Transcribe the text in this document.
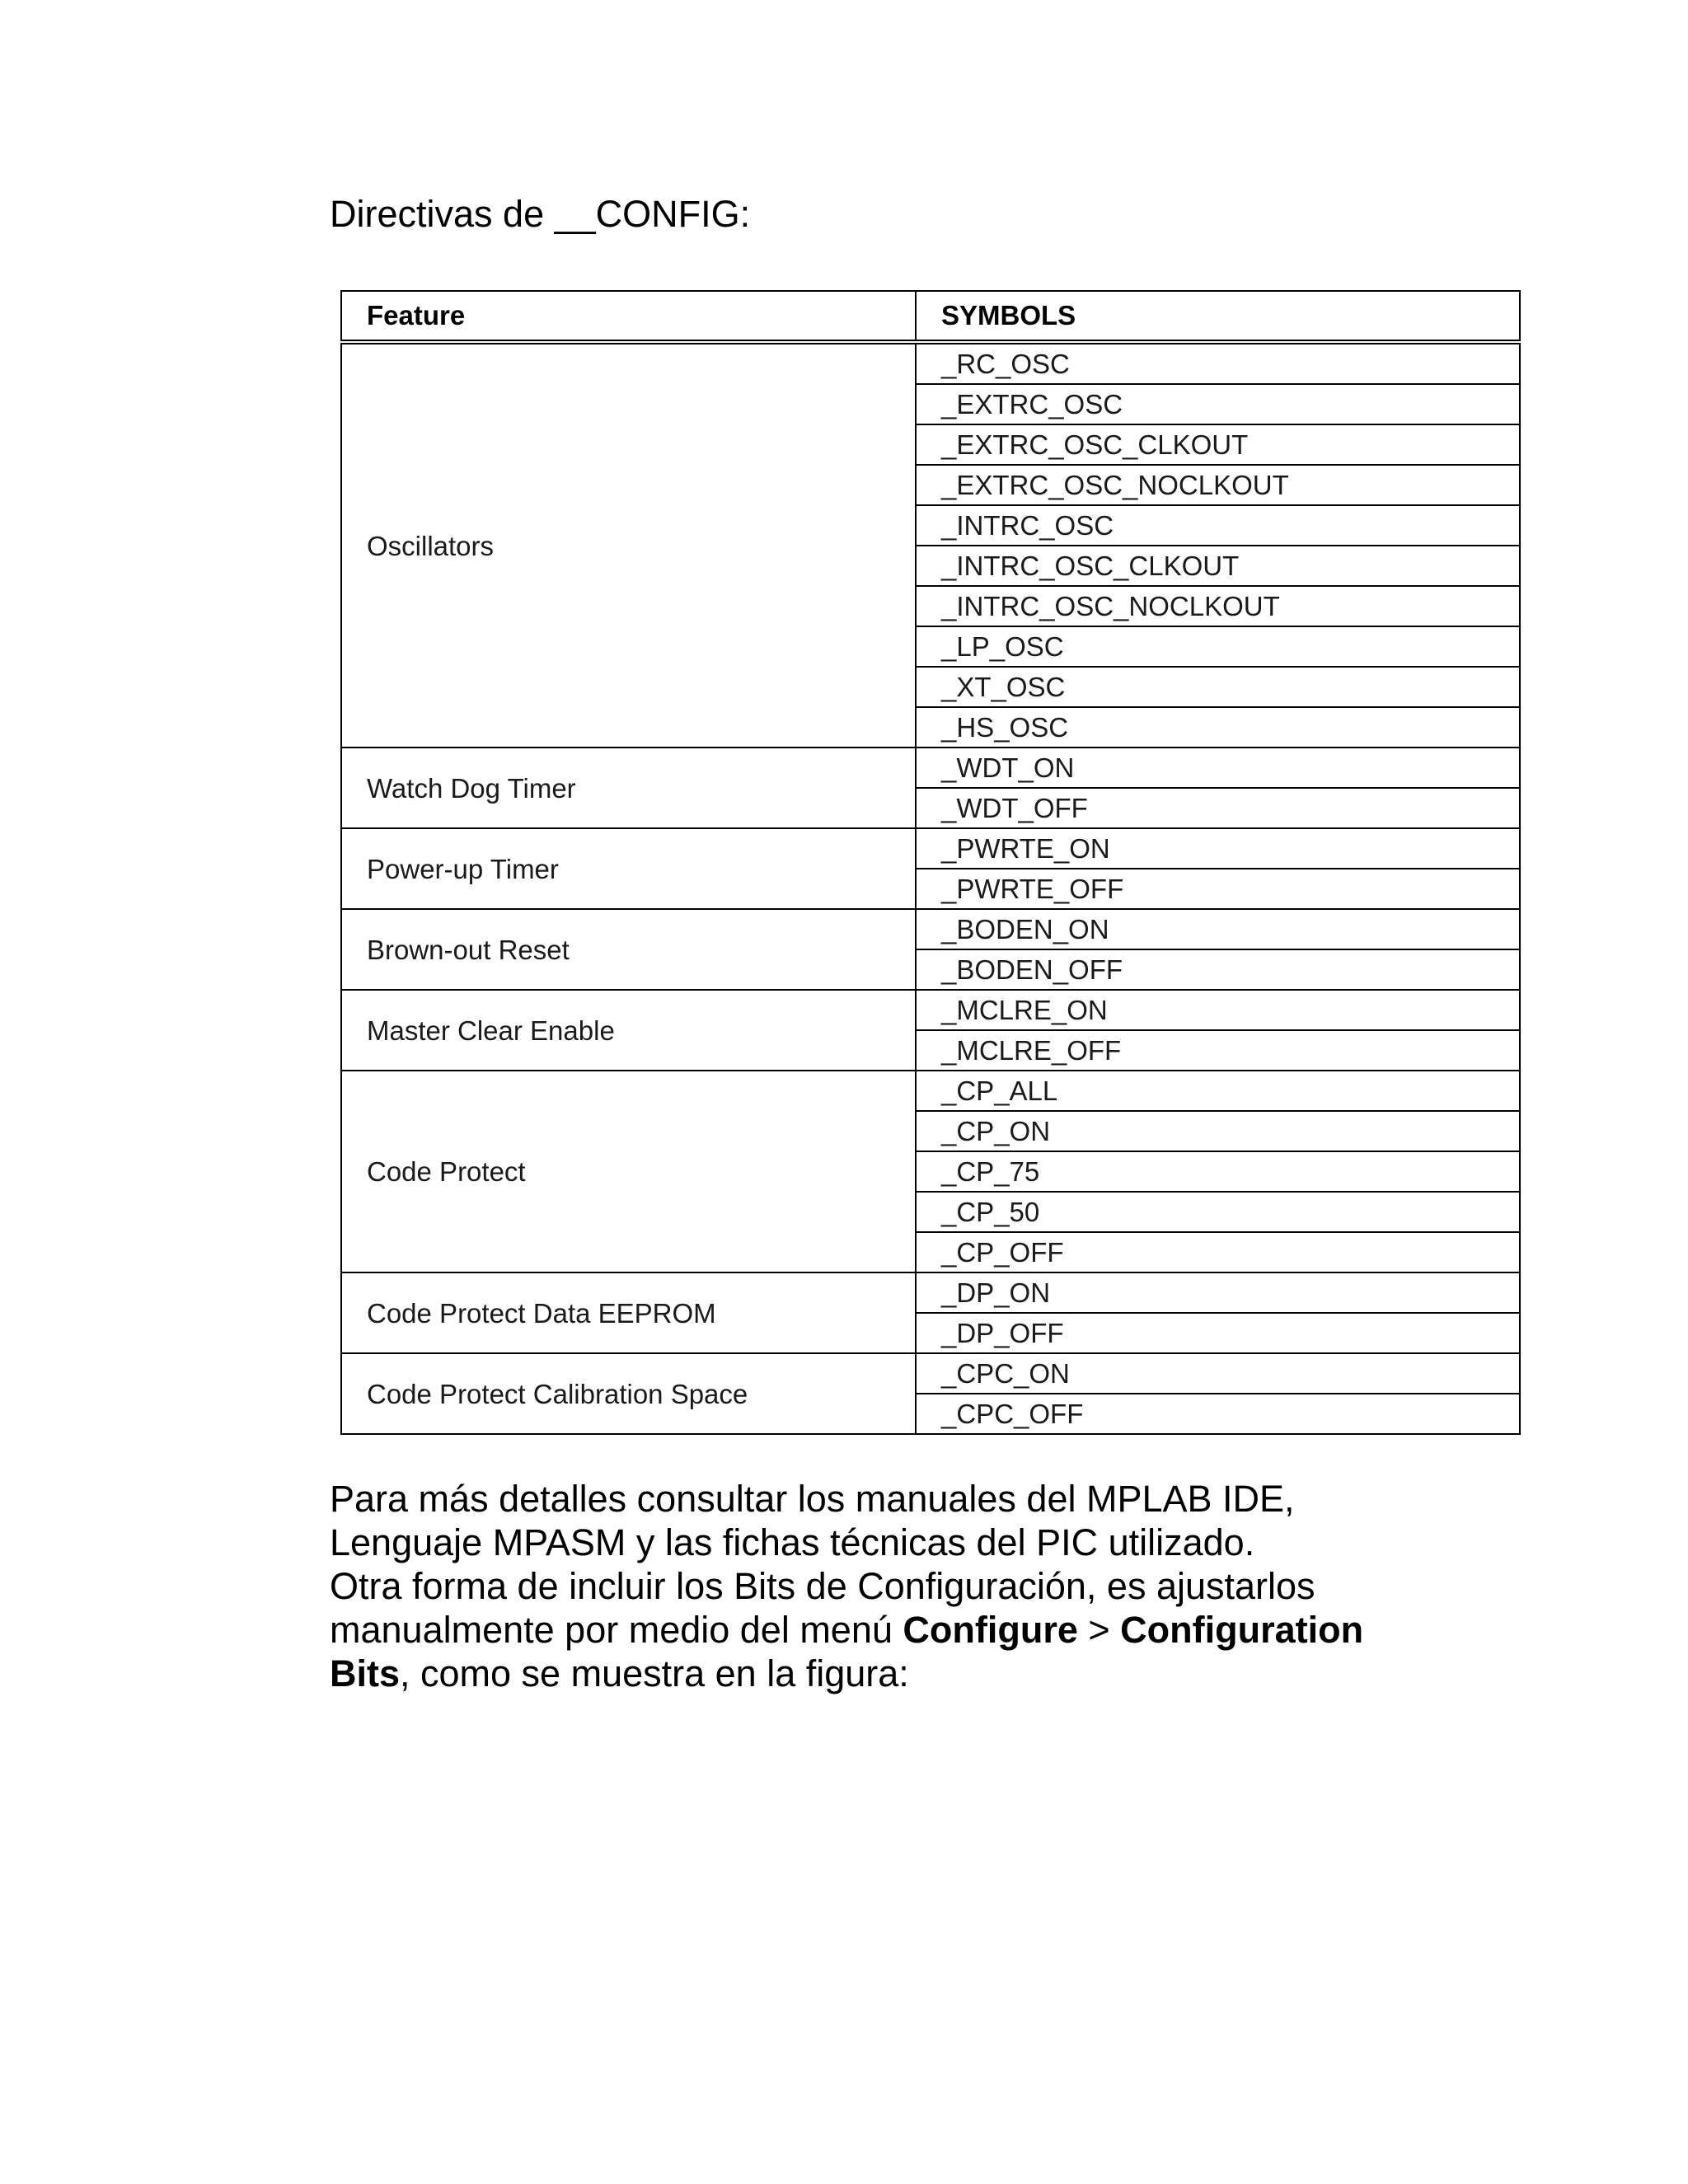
Directivas de __CONFIG:
Feature	SYMBOLS
Oscillators	_RC_OSC
	_EXTRC_OSC
	_EXTRC_OSC_CLKOUT
	_EXTRC_OSC_NOCLKOUT
	_INTRC_OSC
	_INTRC_OSC_CLKOUT
	_INTRC_OSC_NOCLKOUT
	_LP_OSC
	_XT_OSC
	_HS_OSC
Watch Dog Timer	_WDT_ON
	_WDT_OFF
Power-up Timer	_PWRTE_ON
	_PWRTE_OFF
Brown-out Reset	_BODEN_ON
	_BODEN_OFF
Master Clear Enable	_MCLRE_ON
	_MCLRE_OFF
Code Protect	_CP_ALL
	_CP_ON
	_CP_75
	_CP_50
	_CP_OFF
Code Protect Data EEPROM	_DP_ON
	_DP_OFF
Code Protect Calibration Space	_CPC_ON
	_CPC_OFF

Para más detalles consultar los manuales del MPLAB IDE,
Lenguaje MPASM y las fichas técnicas del PIC utilizado.
Otra forma de incluir los Bits de Configuración, es ajustarlos
manualmente por medio del menú Configure > Configuration
Bits, como se muestra en la figura:
